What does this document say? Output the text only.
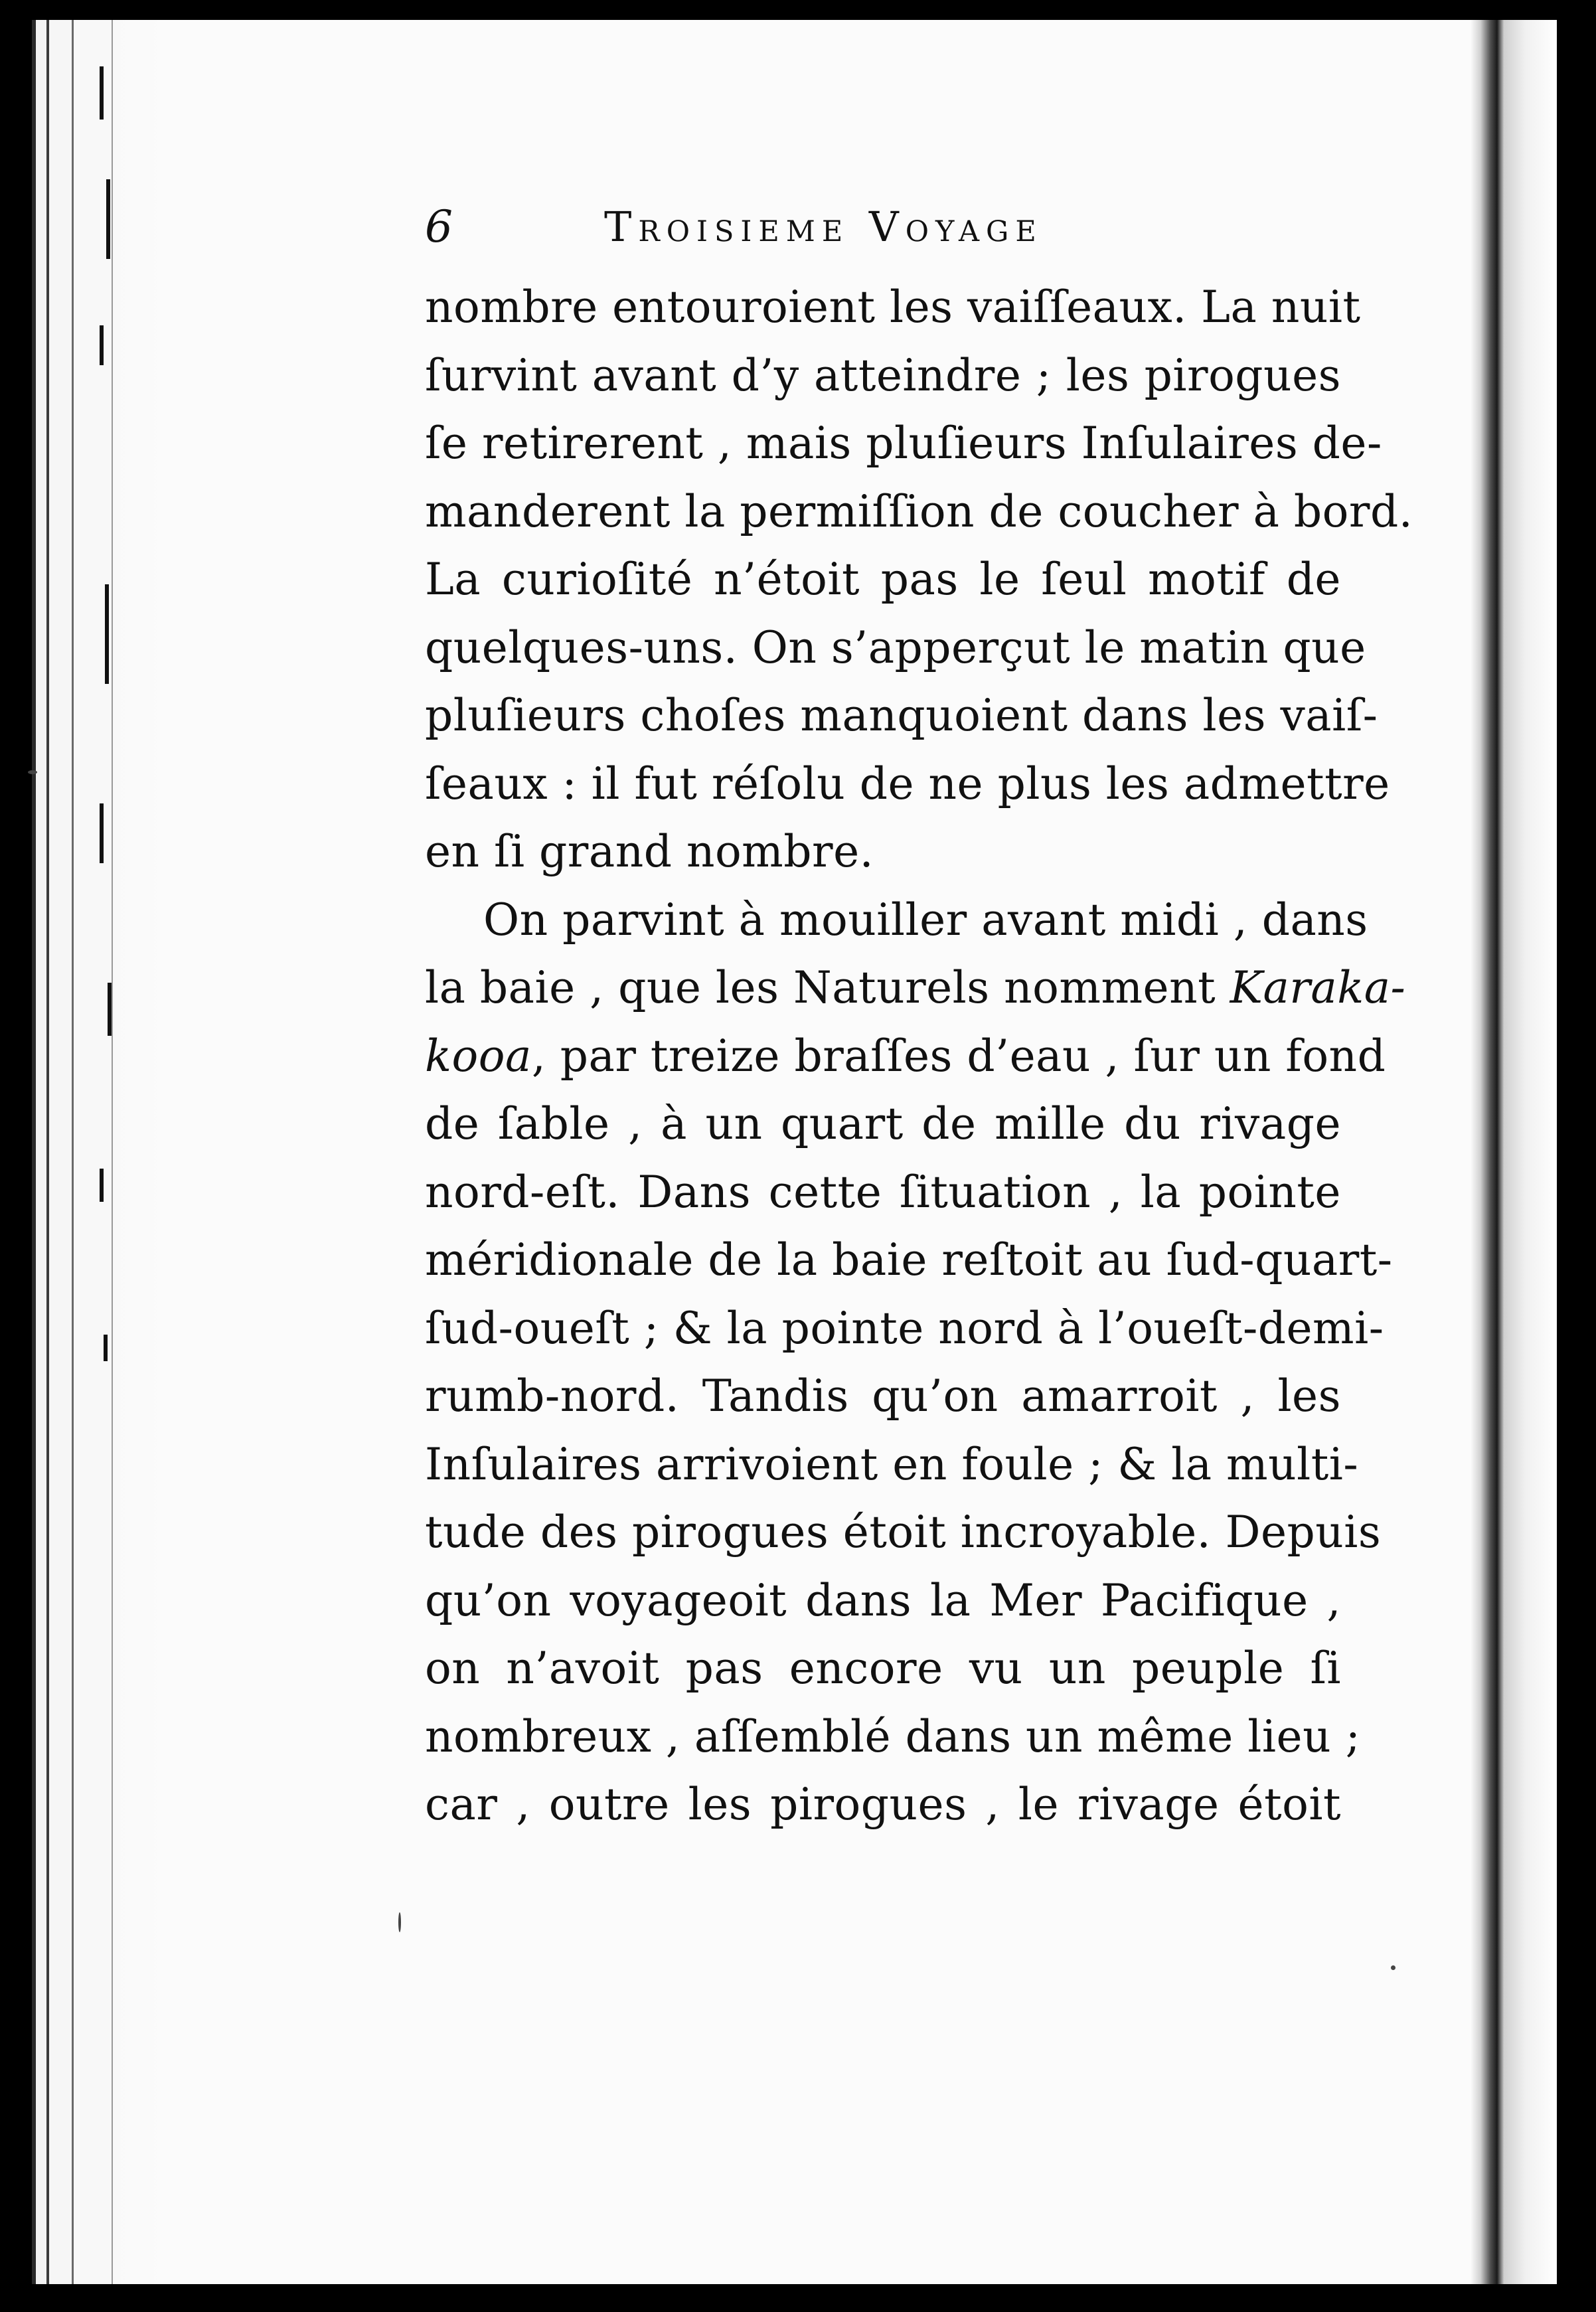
6	Troisieme Voyage
nombre entouroient les vaiſſeaux. La nuit
ſurvint avant d’y atteindre ; les pirogues
ſe retirerent , mais pluſieurs Inſulaires de-
manderent la permiſſion de coucher à bord.
La curioſité n’étoit pas le ſeul motif de
quelques-uns. On s’apperçut le matin que
pluſieurs choſes manquoient dans les vaiſ-
ſeaux : il fut réſolu de ne plus les admettre
en ſi grand nombre.
On parvint à mouiller avant midi , dans
la baie , que les Naturels nomment Karaka-
kooa, par treize braſſes d’eau , ſur un fond
de ſable , à un quart de mille du rivage
nord-eſt. Dans cette ſituation , la pointe
méridionale de la baie reſtoit au ſud-quart-
ſud-oueſt ; & la pointe nord à l’oueſt-demi-
rumb-nord. Tandis qu’on amarroit , les
Inſulaires arrivoient en foule ; & la multi-
tude des pirogues étoit incroyable. Depuis
qu’on voyageoit dans la Mer Pacifique ,
on n’avoit pas encore vu un peuple ſi
nombreux , aſſemblé dans un même lieu ;
car , outre les pirogues , le rivage étoit
